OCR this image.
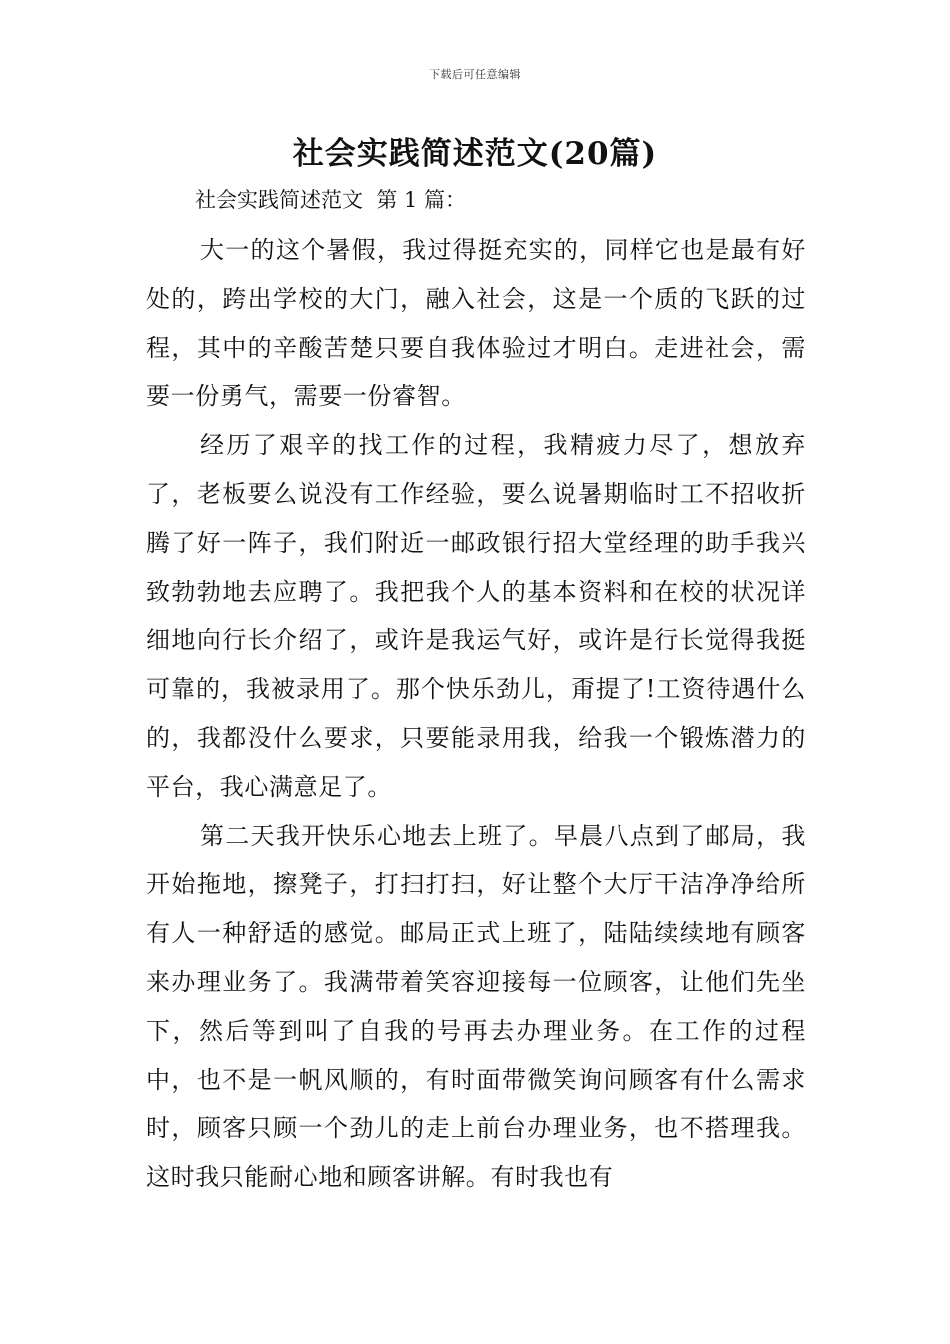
下载后可任意编辑
社会实践简述范文(20篇)
社会实践简述范文  第 1 篇：

大一的这个暑假，我过得挺充实的，同样它也是最有好处的，跨出学校的大门，融入社会，这是一个质的飞跃的过程，其中的辛酸苦楚只要自我体验过才明白。走进社会，需要一份勇气，需要一份睿智。

经历了艰辛的找工作的过程，我精疲力尽了，想放弃了，老板要么说没有工作经验，要么说暑期临时工不招收折腾了好一阵子，我们附近一邮政银行招大堂经理的助手我兴致勃勃地去应聘了。我把我个人的基本资料和在校的状况详细地向行长介绍了，或许是我运气好，或许是行长觉得我挺可靠的，我被录用了。那个快乐劲儿，甭提了!工资待遇什么的，我都没什么要求，只要能录用我，给我一个锻炼潜力的平台，我心满意足了。

第二天我开快乐心地去上班了。早晨八点到了邮局，我开始拖地，擦凳子，打扫打扫，好让整个大厅干洁净净给所有人一种舒适的感觉。邮局正式上班了，陆陆续续地有顾客来办理业务了。我满带着笑容迎接每一位顾客，让他们先坐下，然后等到叫了自我的号再去办理业务。在工作的过程中，也不是一帆风顺的，有时面带微笑询问顾客有什么需求时，顾客只顾一个劲儿的走上前台办理业务，也不搭理我。这时我只能耐心地和顾客讲解。有时我也有
